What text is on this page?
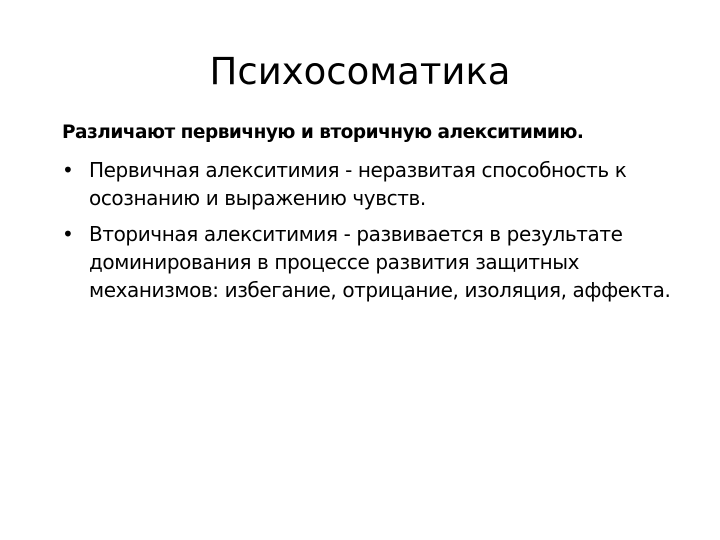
Психосоматика

Различают первичную и вторичную алекситимию.

• Первичная алекситимия - неразвитая способность к осознанию и выражению чувств.
• Вторичная алекситимия - развивается в результате доминирования в процессе развития защитных механизмов: избегание, отрицание, изоляция, аффекта.
